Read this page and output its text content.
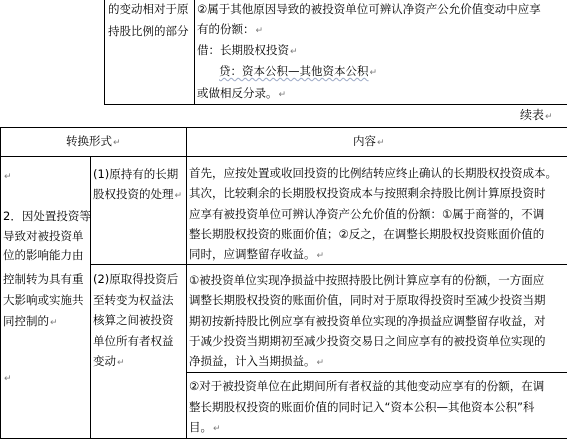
的变动相对于原
持股比例的部分
②属于其他原因导致的被投资单位可辨认净资产公允价值变动中应享
有的份额：↵
借：长期股权投资↵
贷：资本公积—其他资本公积↵
或做相反分录。↵
续表↵
转换形式↵	内容↵
↵
2．因处置投资等
导致对被投资单
位的影响能力由
控制转为具有重
大影响或实施共
同控制的↵
↵
(1)原持有的长期
股权投资的处理↵
首先，应按处置或收回投资的比例结转应终止确认的长期股权投资成本。
其次，比较剩余的长期股权投资成本与按照剩余持股比例计算原投资时
应享有被投资单位可辨认净资产公允价值的份额：①属于商誉的，不调
整长期股权投资的账面价值；②反之，在调整长期股权投资账面价值的
同时，应调整留存收益。↵
(2)原取得投资后
至转变为权益法
核算之间被投资
单位所有者权益
变动↵
①被投资单位实现净损益中按照持股比例计算应享有的份额，一方面应
调整长期股权投资的账面价值，同时对于原取得投资时至减少投资当期
期初按新持股比例应享有被投资单位实现的净损益应调整留存收益，对
于减少投资当期期初至减少投资交易日之间应享有的被投资单位实现的
净损益，计入当期损益。↵
②对于被投资单位在此期间所有者权益的其他变动应享有的份额，在调
整长期股权投资的账面价值的同时记入“资本公积—其他资本公积”科
目。↵
